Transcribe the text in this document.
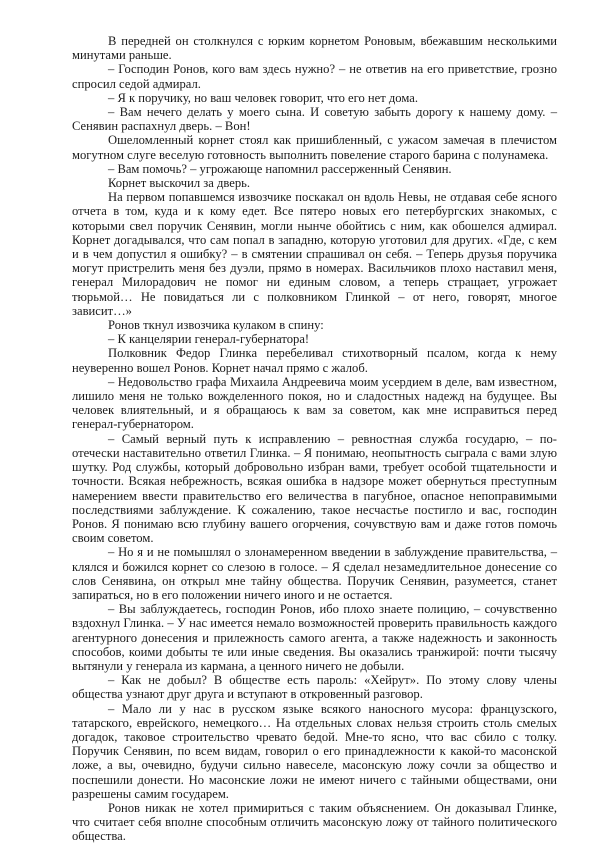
В передней он столкнулся с юрким корнетом Роновым, вбежавшим несколькими минутами раньше.

– Господин Ронов, кого вам здесь нужно? – не ответив на его приветствие, грозно спросил седой адмирал.

– Я к поручику, но ваш человек говорит, что его нет дома.

– Вам нечего делать у моего сына. И советую забыть дорогу к нашему дому. – Сенявин распахнул дверь. – Вон!

Ошеломленный корнет стоял как пришибленный, с ужасом замечая в плечистом могутном слуге веселую готовность выполнить повеление старого барина с полунамека.

– Вам помочь? – угрожающе напомнил рассерженный Сенявин.

Корнет выскочил за дверь.

На первом попавшемся извозчике поскакал он вдоль Невы, не отдавая себе ясного отчета в том, куда и к кому едет. Все пятеро новых его петербургских знакомых, с которыми свел поручик Сенявин, могли нынче обойтись с ним, как обошелся адмирал. Корнет догадывался, что сам попал в западню, которую уготовил для других. «Где, с кем и в чем допустил я ошибку? – в смятении спрашивал он себя. – Теперь друзья поручика могут пристрелить меня без дуэли, прямо в номерах. Васильчиков плохо наставил меня, генерал Милорадович не помог ни единым словом, а теперь стращает, угрожает тюрьмой… Не повидаться ли с полковником Глинкой – от него, говорят, многое зависит…»

Ронов ткнул извозчика кулаком в спину:

– К канцелярии генерал-губернатора!

Полковник Федор Глинка перебеливал стихотворный псалом, когда к нему неуверенно вошел Ронов. Корнет начал прямо с жалоб.

– Недовольство графа Михаила Андреевича моим усердием в деле, вам известном, лишило меня не только вожделенного покоя, но и сладостных надежд на будущее. Вы человек влиятельный, и я обращаюсь к вам за советом, как мне исправиться перед генерал-губернатором.

– Самый верный путь к исправлению – ревностная служба государю, – по-отечески наставительно ответил Глинка. – Я понимаю, неопытность сыграла с вами злую шутку. Род службы, который добровольно избран вами, требует особой тщательности и точности. Всякая небрежность, всякая ошибка в надзоре может обернуться преступным намерением ввести правительство его величества в пагубное, опасное непоправимыми последствиями заблуждение. К сожалению, такое несчастье постигло и вас, господин Ронов. Я понимаю всю глубину вашего огорчения, сочувствую вам и даже готов помочь своим советом.

– Но я и не помышлял о злонамеренном введении в заблуждение правительства, – клялся и божился корнет со слезою в голосе. – Я сделал незамедлительное донесение со слов Сенявина, он открыл мне тайну общества. Поручик Сенявин, разумеется, станет запираться, но в его положении ничего иного и не остается.

– Вы заблуждаетесь, господин Ронов, ибо плохо знаете полицию, – сочувственно вздохнул Глинка. – У нас имеется немало возможностей проверить правильность каждого агентурного донесения и прилежность самого агента, а также надежность и законность способов, коими добыты те или иные сведения. Вы оказались транжирой: почти тысячу вытянули у генерала из кармана, а ценного ничего не добыли.

– Как не добыл? В обществе есть пароль: «Хейрут». По этому слову члены общества узнают друг друга и вступают в откровенный разговор.

– Мало ли у нас в русском языке всякого наносного мусора: французского, татарского, еврейского, немецкого… На отдельных словах нельзя строить столь смелых догадок, таковое строительство чревато бедой. Мне-то ясно, что вас сбило с толку. Поручик Сенявин, по всем видам, говорил о его принадлежности к какой-то масонской ложе, а вы, очевидно, будучи сильно навеселе, масонскую ложу сочли за общество и поспешили донести. Но масонские ложи не имеют ничего с тайными обществами, они разрешены самим государем.

Ронов никак не хотел примириться с таким объяснением. Он доказывал Глинке, что считает себя вполне способным отличить масонскую ложу от тайного политического общества.
